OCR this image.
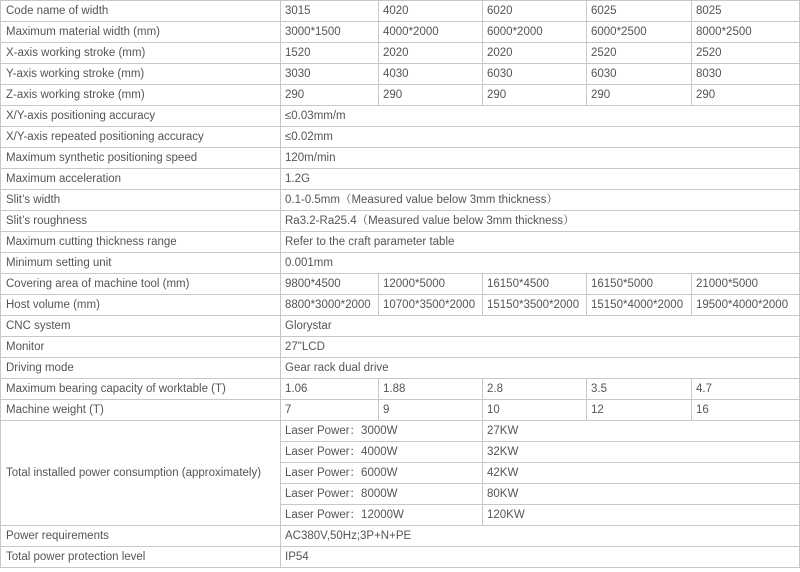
Code name of width	3015	4020	6020	6025	8025
Maximum material width (mm)	3000*1500	4000*2000	6000*2000	6000*2500	8000*2500
X-axis working stroke (mm)	1520	2020	2020	2520	2520
Y-axis working stroke (mm)	3030	4030	6030	6030	8030
Z-axis working stroke (mm)	290	290	290	290	290
X/Y-axis positioning accuracy	≤0.03mm/m				
X/Y-axis repeated positioning accuracy	≤0.02mm				
Maximum synthetic positioning speed	120m/min				
Maximum acceleration	1.2G				
Slit’s width	0.1-0.5mm（Measured value below 3mm thickness）				
Slit’s roughness	Ra3.2-Ra25.4（Measured value below 3mm thickness）				
Maximum cutting thickness range	Refer to the craft parameter table				
Minimum setting unit	0.001mm				
Covering area of machine tool (mm)	9800*4500	12000*5000	16150*4500	16150*5000	21000*5000
Host volume (mm)	8800*3000*2000	10700*3500*2000	15150*3500*2000	15150*4000*2000	19500*4000*2000
CNC system	Glorystar				
Monitor	27"LCD				
Driving mode	Gear rack dual drive				
Maximum bearing capacity of worktable (T)	1.06	1.88	2.8	3.5	4.7
Machine weight (T)	7	9	10	12	16
Total installed power consumption (approximately)	Laser Power：3000W		27KW		
	Laser Power：4000W		32KW		
	Laser Power：6000W		42KW		
	Laser Power：8000W		80KW		
	Laser Power：12000W		120KW		
Power requirements	AC380V,50Hz;3P+N+PE				
Total power protection level	IP54				
